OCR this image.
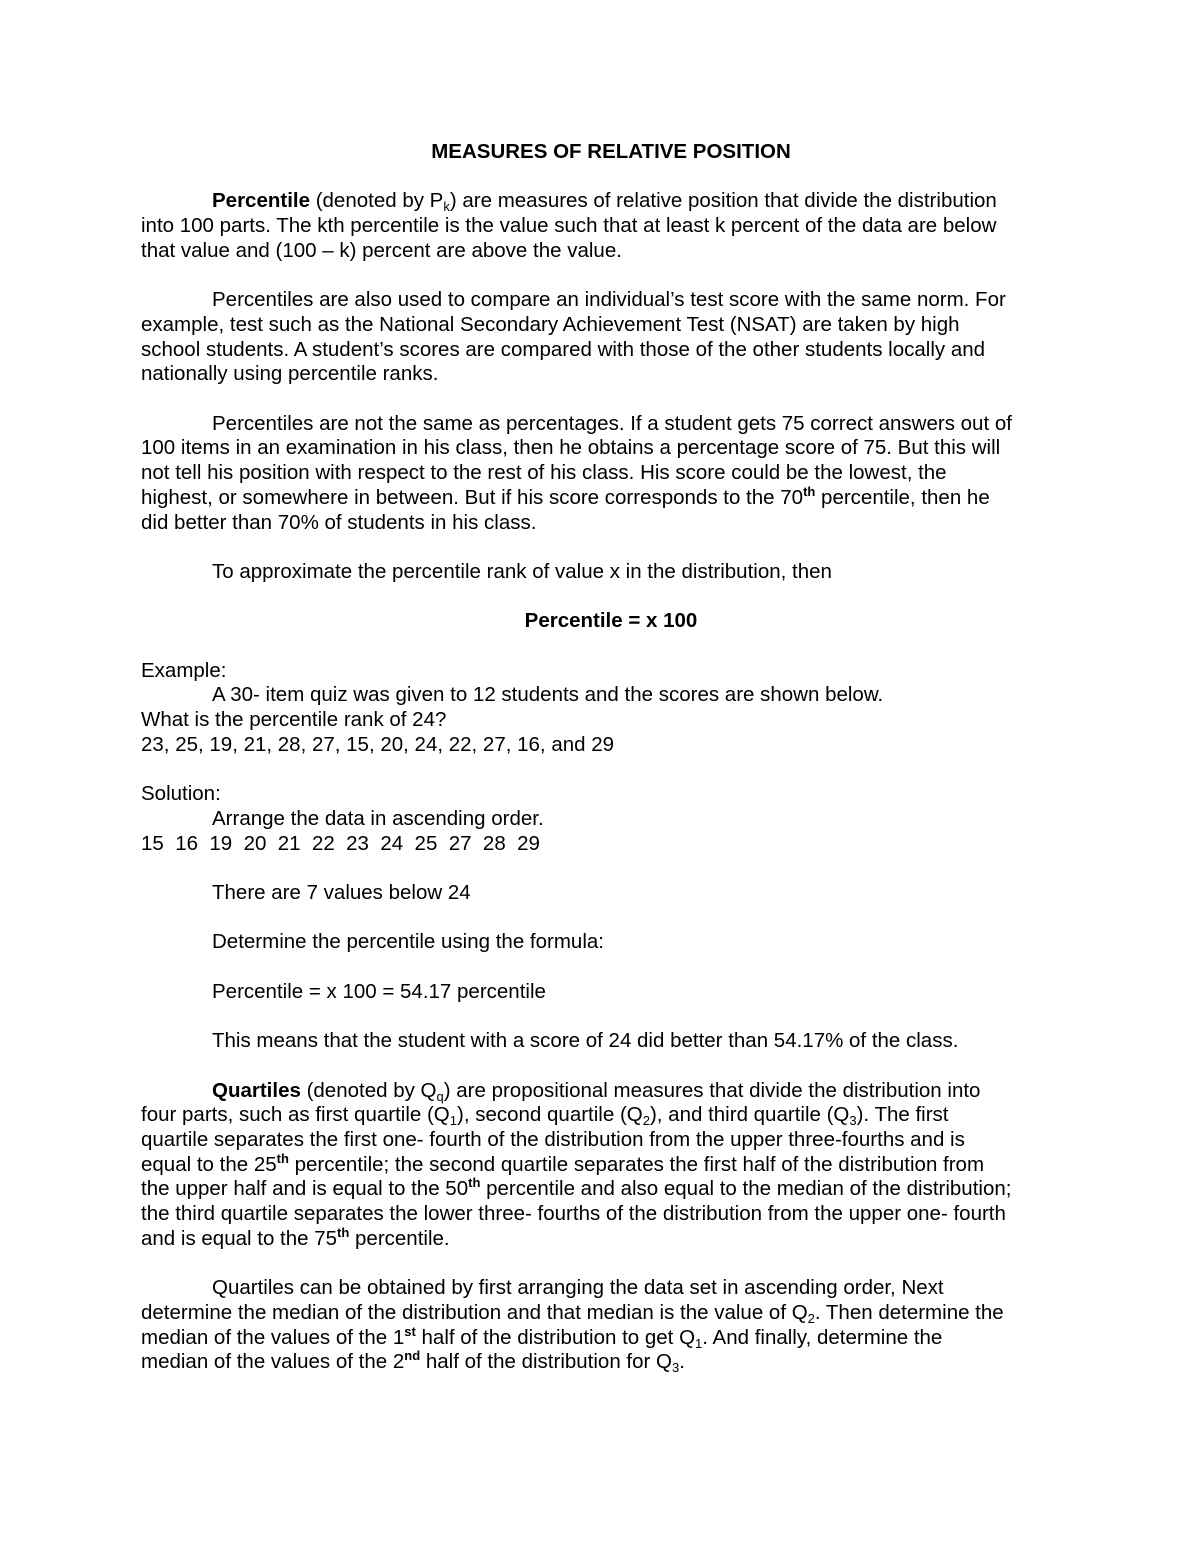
MEASURES OF RELATIVE POSITION

Percentile (denoted by $P_k$) are measures of relative position that divide the distribution

into 100 parts. The kth percentile is the value such that at least k percent of the data are below

that value and (100 – k) percent are above the value.

Percentiles are also used to compare an individual’s test score with the same norm. For

example, test such as the National Secondary Achievement Test (NSAT) are taken by high

school students. A student’s scores are compared with those of the other students locally and

nationally using percentile ranks.

Percentiles are not the same as percentages. If a student gets 75 correct answers out of

100 items in an examination in his class, then he obtains a percentage score of 75. But this will

not tell his position with respect to the rest of his class. His score could be the lowest, the

highest, or somewhere in between. But if his score corresponds to the 70th percentile, then he

did better than 70% of students in his class.

To approximate the percentile rank of value x in the distribution, then

Percentile = x 100

Example:

A 30- item quiz was given to 12 students and the scores are shown below.

What is the percentile rank of 24?

23, 25, 19, 21, 28, 27, 15, 20, 24, 22, 27, 16, and 29

Solution:

Arrange the data in ascending order.

15  16  19  20  21  22  23  24  25  27  28  29

There are 7 values below 24

Determine the percentile using the formula:

Percentile = x 100 = 54.17 percentile

This means that the student with a score of 24 did better than 54.17% of the class.

Quartiles (denoted by $Q_q$) are propositional measures that divide the distribution into

four parts, such as first quartile $(Q_1)$, second quartile $(Q_2)$, and third quartile $(Q_3)$. The first

quartile separates the first one- fourth of the distribution from the upper three-fourths and is

equal to the 25th percentile; the second quartile separates the first half of the distribution from

the upper half and is equal to the 50th percentile and also equal to the median of the distribution;

the third quartile separates the lower three- fourths of the distribution from the upper one- fourth

and is equal to the 75th percentile.

Quartiles can be obtained by first arranging the data set in ascending order, Next

determine the median of the distribution and that median is the value of $Q_2$. Then determine the

median of the values of the 1st half of the distribution to get $Q_1$. And finally, determine the

median of the values of the 2nd half of the distribution for $Q_3$.
